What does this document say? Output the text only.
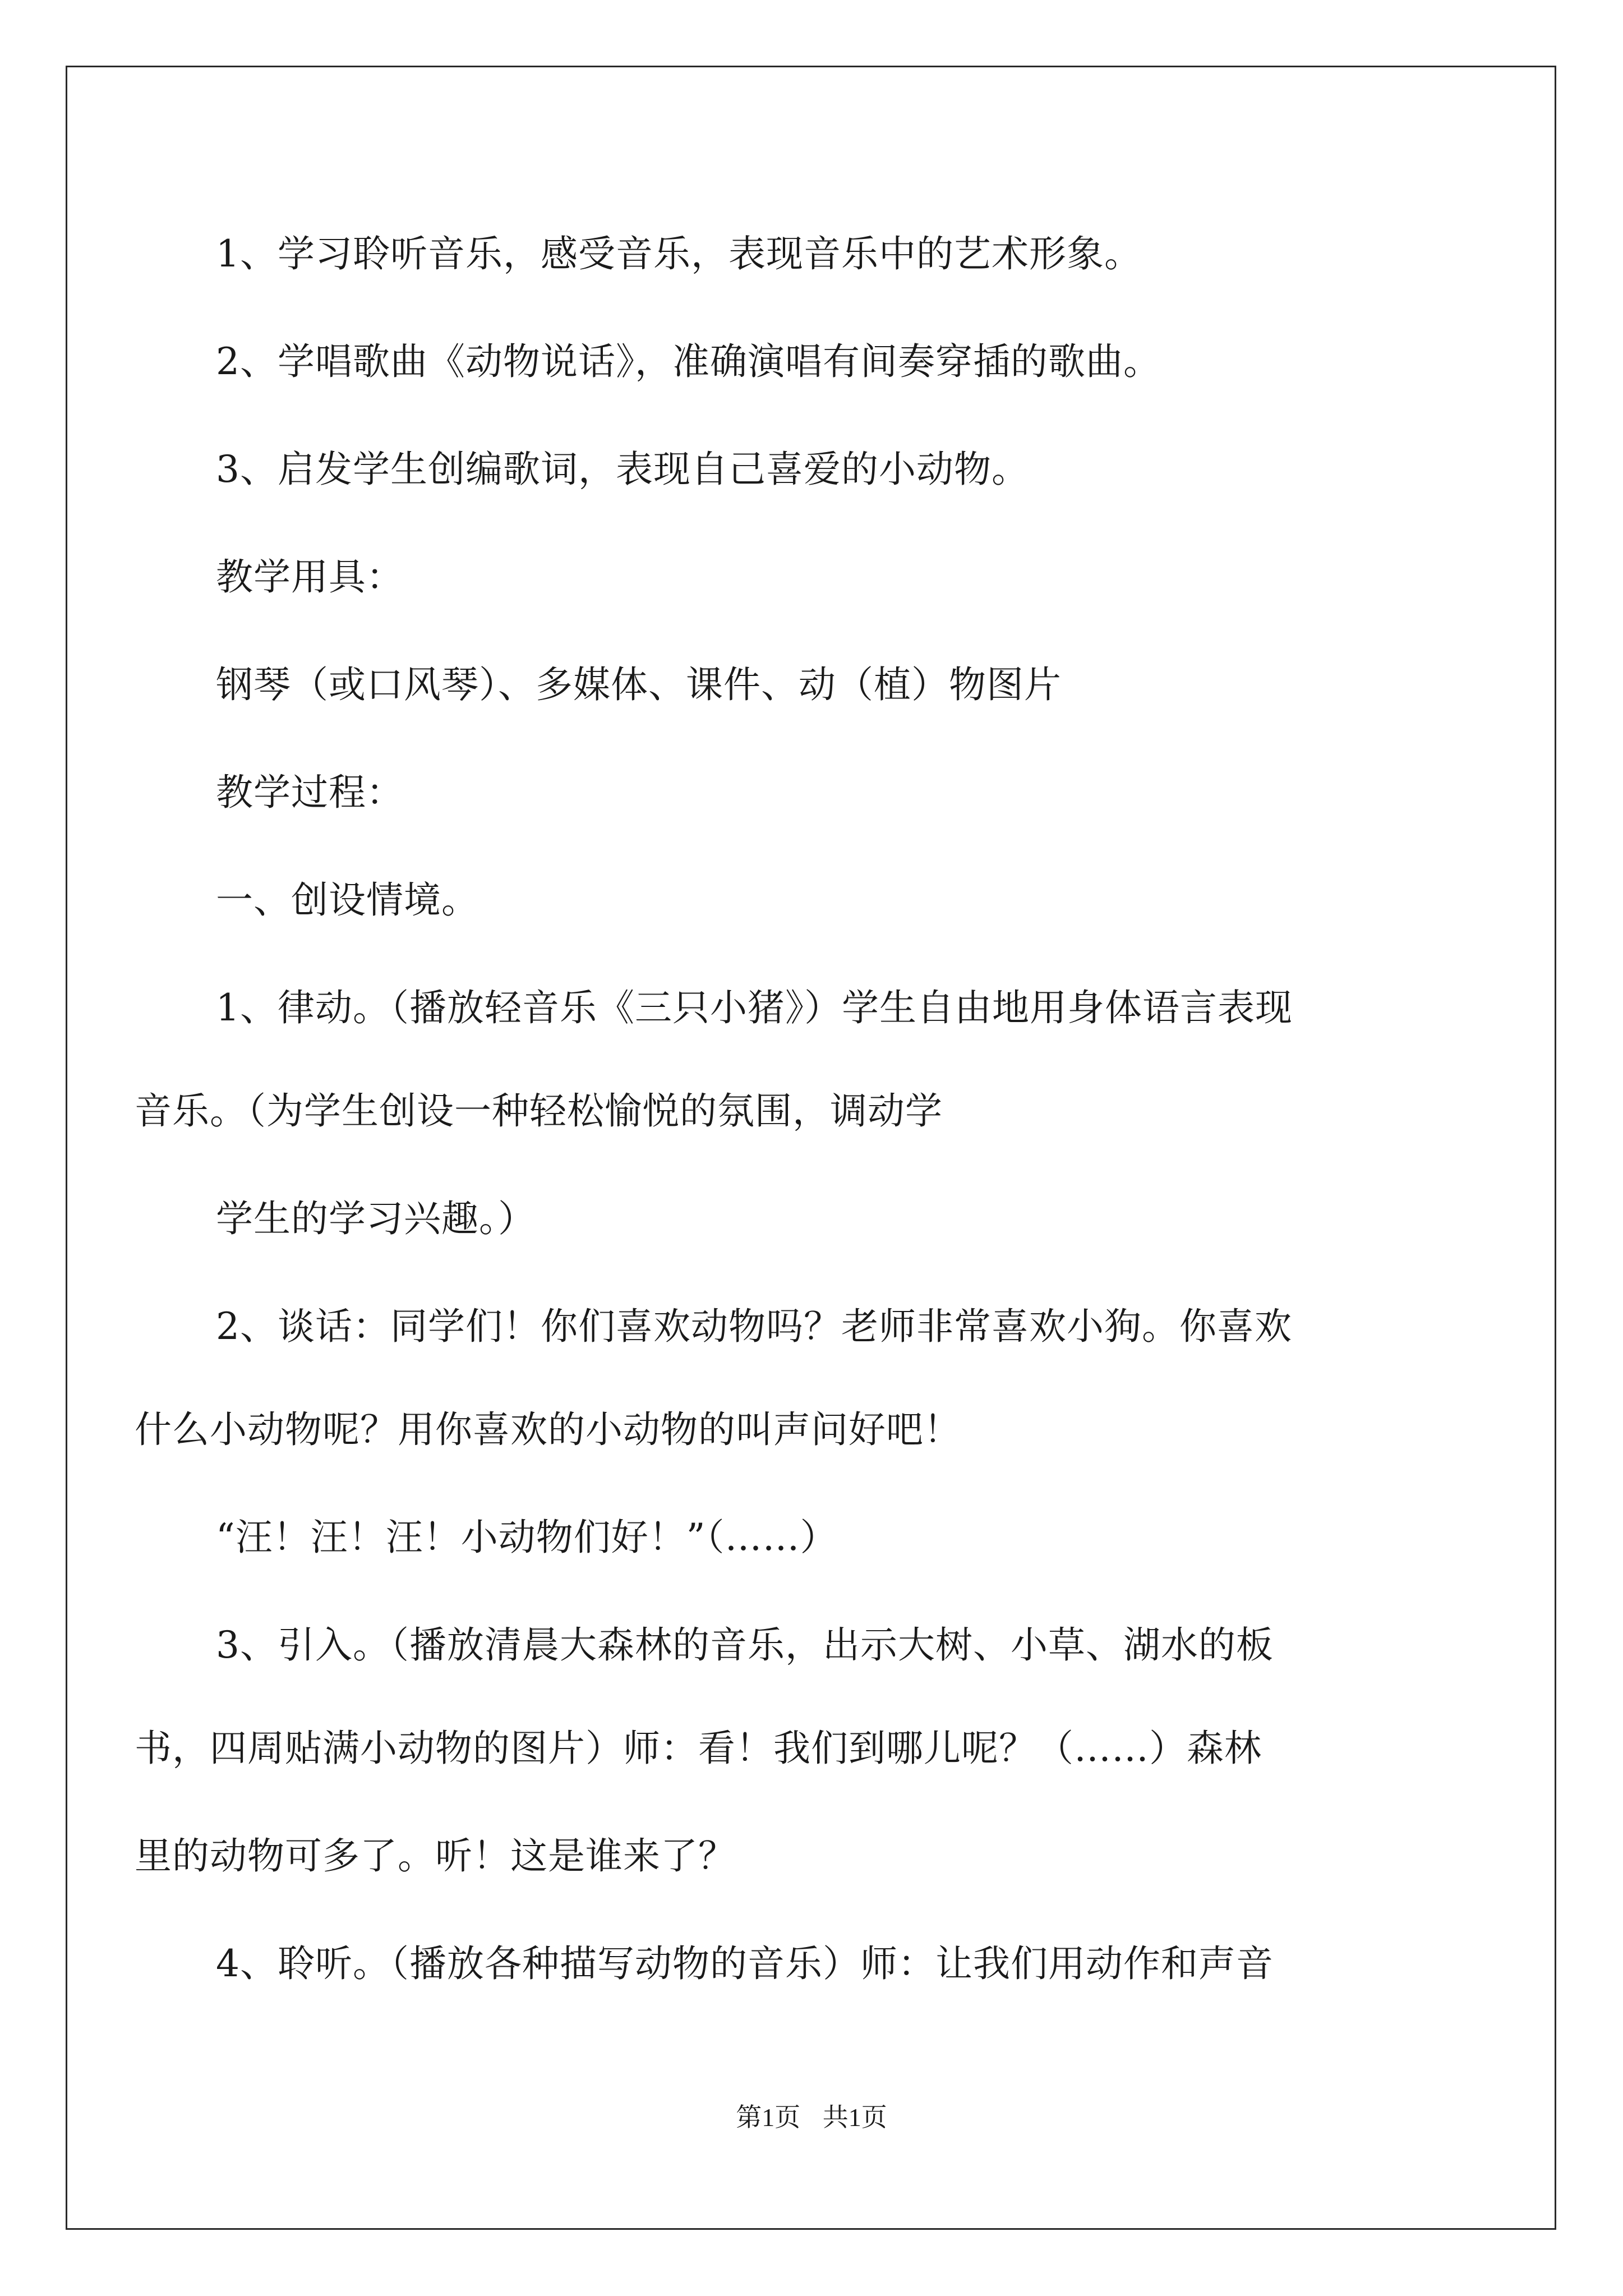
1、学习聆听音乐，感受音乐，表现音乐中的艺术形象。

2、学唱歌曲《动物说话》，准确演唱有间奏穿插的歌曲。

3、启发学生创编歌词，表现自己喜爱的小动物。

教学用具：

钢琴（或口风琴）、多媒体、课件、动（植）物图片

教学过程：

一、创设情境。

1、律动。（播放轻音乐《三只小猪》）学生自由地用身体语言表现

音乐。（为学生创设一种轻松愉悦的氛围，调动学

学生的学习兴趣。）

2、谈话：同学们！你们喜欢动物吗？老师非常喜欢小狗。你喜欢

什么小动物呢？用你喜欢的小动物的叫声问好吧！

“汪！汪！汪！小动物们好！”（……）

3、引入。（播放清晨大森林的音乐，出示大树、小草、湖水的板

书，四周贴满小动物的图片）师：看！我们到哪儿呢？（……）森林

里的动物可多了。听！这是谁来了？

4、聆听。（播放各种描写动物的音乐）师：让我们用动作和声音

第1页 共1页
